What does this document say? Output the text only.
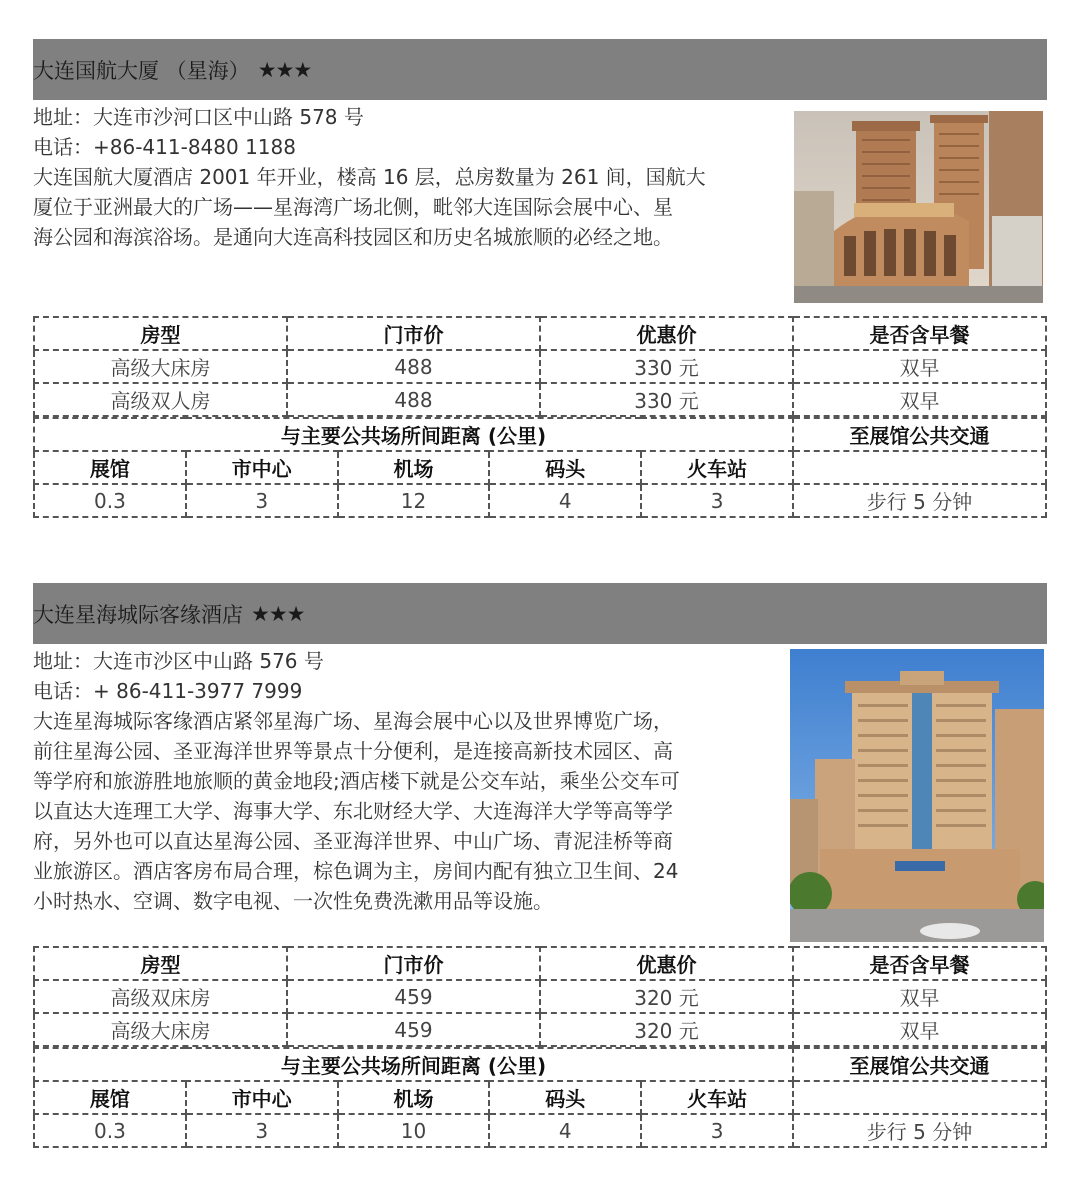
大连国航大厦 （星海） ★★★
地址：大连市沙河口区中山路 578 号
电话：+86-411-8480 1188
大连国航大厦酒店 2001 年开业，楼高 16 层，总房数量为 261 间，国航大
厦位于亚洲最大的广场——星海湾广场北侧，毗邻大连国际会展中心、星
海公园和海滨浴场。是通向大连高科技园区和历史名城旅顺的必经之地。
房型	门市价	优惠价	是否含早餐
高级大床房	488	330 元	双早
高级双人房	488	330 元	双早
与主要公共场所间距离 (公里)					至展馆公共交通
展馆	市中心	机场	码头	火车站	
0.3	3	12	4	3	步行 5 分钟
大连星海城际客缘酒店 ★★★
地址：大连市沙区中山路 576 号
电话：+ 86-411-3977 7999
大连星海城际客缘酒店紧邻星海广场、星海会展中心以及世界博览广场，
前往星海公园、圣亚海洋世界等景点十分便利，是连接高新技术园区、高
等学府和旅游胜地旅顺的黄金地段;酒店楼下就是公交车站，乘坐公交车可
以直达大连理工大学、海事大学、东北财经大学、大连海洋大学等高等学
府，另外也可以直达星海公园、圣亚海洋世界、中山广场、青泥洼桥等商
业旅游区。酒店客房布局合理，棕色调为主，房间内配有独立卫生间、24
小时热水、空调、数字电视、一次性免费洗漱用品等设施。
房型	门市价	优惠价	是否含早餐
高级双床房	459	320 元	双早
高级大床房	459	320 元	双早
与主要公共场所间距离 (公里)					至展馆公共交通
展馆	市中心	机场	码头	火车站	
0.3	3	10	4	3	步行 5 分钟
